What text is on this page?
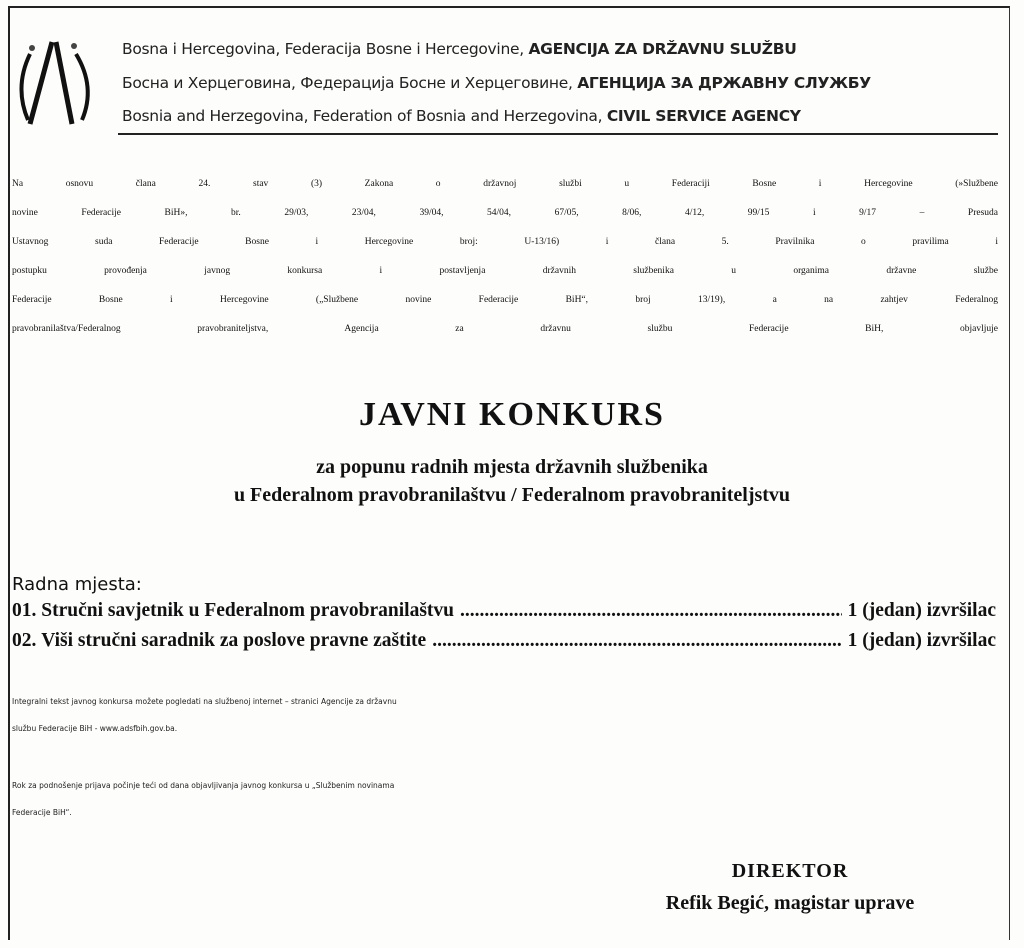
Bosna i Hercegovina, Federacija Bosne i Hercegovine, AGENCIJA ZA DRŽAVNU SLUŽBU
Босна и Херцеговина, Федерација Босне и Херцеговине, АГЕНЦИЈА ЗА ДРЖАВНУ СЛУЖБУ
Bosnia and Herzegovina, Federation of Bosnia and Herzegovina, CIVIL SERVICE AGENCY
Na osnovu člana 24. stav (3) Zakona o državnoj službi u Federaciji Bosne i Hercegovine (»Službene
novine Federacije BiH», br. 29/03, 23/04, 39/04, 54/04, 67/05, 8/06, 4/12, 99/15 i 9/17 – Presuda
Ustavnog suda Federacije Bosne i Hercegovine broj: U-13/16) i člana 5. Pravilnika o pravilima i
postupku provođenja javnog konkursa i postavljenja državnih službenika u organima državne službe
Federacije Bosne i Hercegovine („Službene novine Federacije BiH“, broj 13/19), a na zahtjev Federalnog
pravobranilaštva/Federalnog pravobraniteljstva, Agencija za državnu službu Federacije BiH, objavljuje
JAVNI KONKURS
za popunu radnih mjesta državnih službenika
u Federalnom pravobranilaštvu / Federalnom pravobraniteljstvu
Radna mjesta:
01.
Stručni savjetnik u Federalnom pravobranilaštvu .....	1 (jedan) izvršilac
02.
Viši stručni saradnik za poslove pravne zaštite .....	1 (jedan) izvršilac
Integralni tekst javnog konkursa možete pogledati na službenoj internet – stranici Agencije za državnu
službu Federacije BiH - www.adsfbih.gov.ba.
Rok za podnošenje prijava počinje teći od dana objavljivanja javnog konkursa u „Službenim novinama
Federacije BiH“.
DIREKTOR
Refik Begić, magistar uprave
